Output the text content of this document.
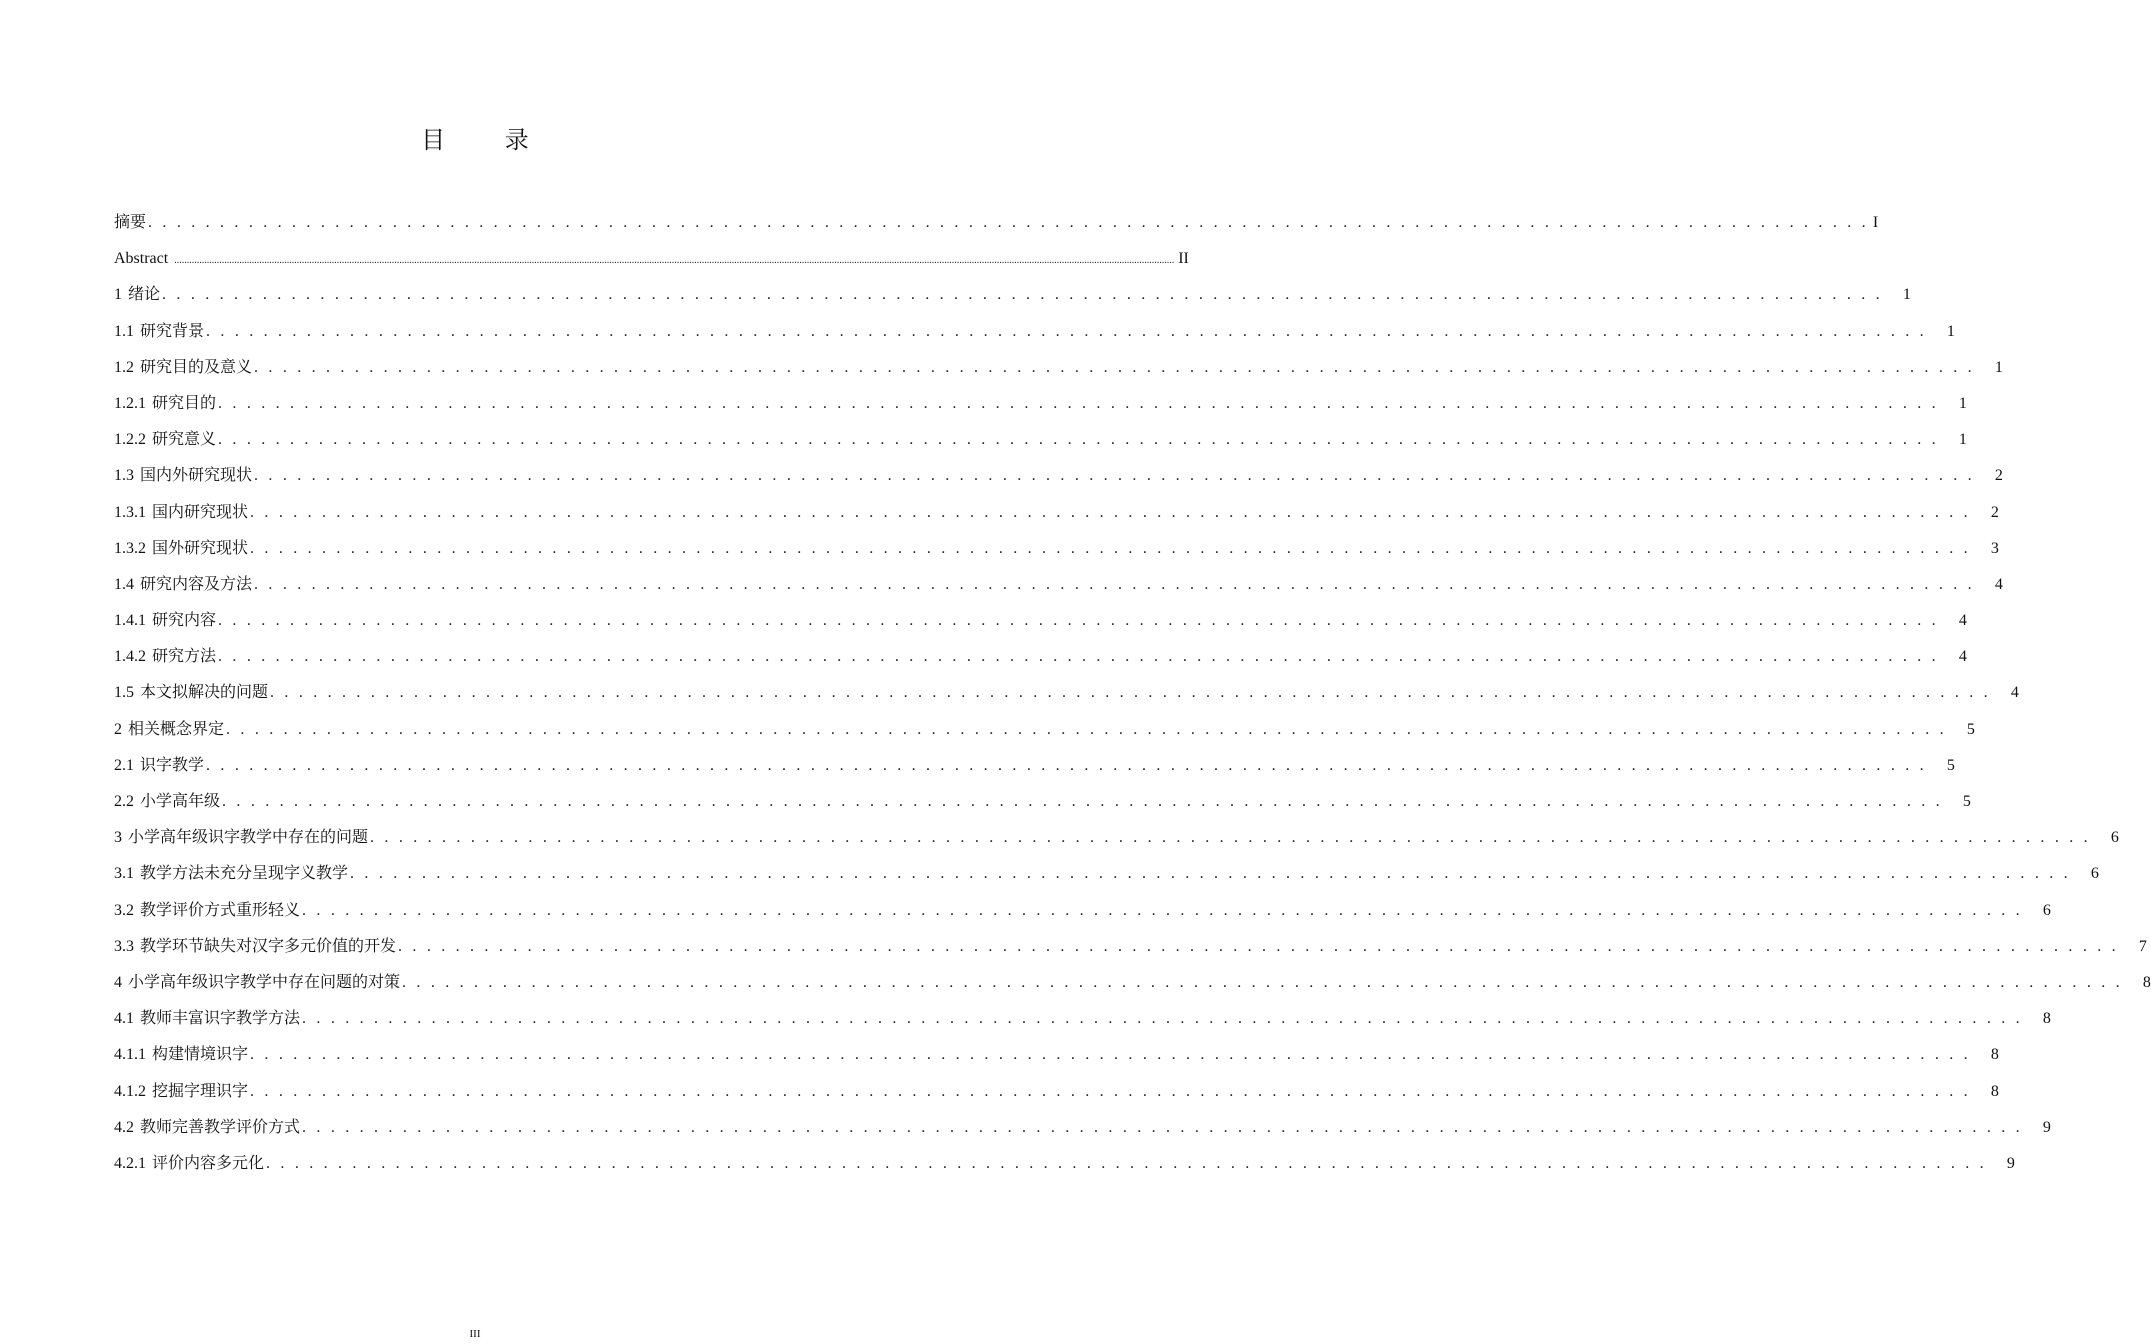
目 录
摘要 . . . . . . . . . . . . . . . . . . . . . . . . . . . . . . . . . . . . . . . . . . . . . . . . . . . . . . . . . . . . . . . . . . . . . . . . . . . . . . . . . . . . . . . . . . . . . . . . . . . . . . . . . . . . . . . . . . . . . . . . I
Abstract ................................................................................................................................................................................................................................................................................................................................................................................................................ II
1 绪论 . . . . . . . . . . . . . . . . . . . . . . . . . . . . . . . . . . . . . . . . . . . . . . . . . . . . . . . . . . . . . . . . . . . . . . . . . . . . . . . . . . . . . . . . . . . . . . . . . . . . . . . . . . . . . . . . . . . . . . . .	1
1.1 研究背景 . . . . . . . . . . . . . . . . . . . . . . . . . . . . . . . . . . . . . . . . . . . . . . . . . . . . . . . . . . . . . . . . . . . . . . . . . . . . . . . . . . . . . . . . . . . . . . . . . . . . . . . . . . . . . . . . . . . . . . . .	1
1.2 研究目的及意义 . . . . . . . . . . . . . . . . . . . . . . . . . . . . . . . . . . . . . . . . . . . . . . . . . . . . . . . . . . . . . . . . . . . . . . . . . . . . . . . . . . . . . . . . . . . . . . . . . . . . . . . . . . . . . . . . . . . . . . . .	1
1.2.1 研究目的 . . . . . . . . . . . . . . . . . . . . . . . . . . . . . . . . . . . . . . . . . . . . . . . . . . . . . . . . . . . . . . . . . . . . . . . . . . . . . . . . . . . . . . . . . . . . . . . . . . . . . . . . . . . . . . . . . . . . . . . .	1
1.2.2 研究意义 . . . . . . . . . . . . . . . . . . . . . . . . . . . . . . . . . . . . . . . . . . . . . . . . . . . . . . . . . . . . . . . . . . . . . . . . . . . . . . . . . . . . . . . . . . . . . . . . . . . . . . . . . . . . . . . . . . . . . . . .	1
1.3 国内外研究现状 . . . . . . . . . . . . . . . . . . . . . . . . . . . . . . . . . . . . . . . . . . . . . . . . . . . . . . . . . . . . . . . . . . . . . . . . . . . . . . . . . . . . . . . . . . . . . . . . . . . . . . . . . . . . . . . . . . . . . . . .	2
1.3.1 国内研究现状 . . . . . . . . . . . . . . . . . . . . . . . . . . . . . . . . . . . . . . . . . . . . . . . . . . . . . . . . . . . . . . . . . . . . . . . . . . . . . . . . . . . . . . . . . . . . . . . . . . . . . . . . . . . . . . . . . . . . . . . .	2
1.3.2 国外研究现状 . . . . . . . . . . . . . . . . . . . . . . . . . . . . . . . . . . . . . . . . . . . . . . . . . . . . . . . . . . . . . . . . . . . . . . . . . . . . . . . . . . . . . . . . . . . . . . . . . . . . . . . . . . . . . . . . . . . . . . . .	3
1.4 研究内容及方法 . . . . . . . . . . . . . . . . . . . . . . . . . . . . . . . . . . . . . . . . . . . . . . . . . . . . . . . . . . . . . . . . . . . . . . . . . . . . . . . . . . . . . . . . . . . . . . . . . . . . . . . . . . . . . . . . . . . . . . . .	4
1.4.1 研究内容 . . . . . . . . . . . . . . . . . . . . . . . . . . . . . . . . . . . . . . . . . . . . . . . . . . . . . . . . . . . . . . . . . . . . . . . . . . . . . . . . . . . . . . . . . . . . . . . . . . . . . . . . . . . . . . . . . . . . . . . .	4
1.4.2 研究方法 . . . . . . . . . . . . . . . . . . . . . . . . . . . . . . . . . . . . . . . . . . . . . . . . . . . . . . . . . . . . . . . . . . . . . . . . . . . . . . . . . . . . . . . . . . . . . . . . . . . . . . . . . . . . . . . . . . . . . . . .	4
1.5 本文拟解决的问题 . . . . . . . . . . . . . . . . . . . . . . . . . . . . . . . . . . . . . . . . . . . . . . . . . . . . . . . . . . . . . . . . . . . . . . . . . . . . . . . . . . . . . . . . . . . . . . . . . . . . . . . . . . . . . . . . . . . . . . . .	4
2 相关概念界定 . . . . . . . . . . . . . . . . . . . . . . . . . . . . . . . . . . . . . . . . . . . . . . . . . . . . . . . . . . . . . . . . . . . . . . . . . . . . . . . . . . . . . . . . . . . . . . . . . . . . . . . . . . . . . . . . . . . . . . . .	5
2.1 识字教学 . . . . . . . . . . . . . . . . . . . . . . . . . . . . . . . . . . . . . . . . . . . . . . . . . . . . . . . . . . . . . . . . . . . . . . . . . . . . . . . . . . . . . . . . . . . . . . . . . . . . . . . . . . . . . . . . . . . . . . . .	5
2.2 小学高年级 . . . . . . . . . . . . . . . . . . . . . . . . . . . . . . . . . . . . . . . . . . . . . . . . . . . . . . . . . . . . . . . . . . . . . . . . . . . . . . . . . . . . . . . . . . . . . . . . . . . . . . . . . . . . . . . . . . . . . . . .	5
3 小学高年级识字教学中存在的问题 . . . . . . . . . . . . . . . . . . . . . . . . . . . . . . . . . . . . . . . . . . . . . . . . . . . . . . . . . . . . . . . . . . . . . . . . . . . . . . . . . . . . . . . . . . . . . . . . . . . . . . . . . . . . . . . . . . . . . . . .	6
3.1 教学方法未充分呈现字义教学 . . . . . . . . . . . . . . . . . . . . . . . . . . . . . . . . . . . . . . . . . . . . . . . . . . . . . . . . . . . . . . . . . . . . . . . . . . . . . . . . . . . . . . . . . . . . . . . . . . . . . . . . . . . . . . . . . . . . . . . .	6
3.2 教学评价方式重形轻义 . . . . . . . . . . . . . . . . . . . . . . . . . . . . . . . . . . . . . . . . . . . . . . . . . . . . . . . . . . . . . . . . . . . . . . . . . . . . . . . . . . . . . . . . . . . . . . . . . . . . . . . . . . . . . . . . . . . . . . . .	6
3.3 教学环节缺失对汉字多元价值的开发 . . . . . . . . . . . . . . . . . . . . . . . . . . . . . . . . . . . . . . . . . . . . . . . . . . . . . . . . . . . . . . . . . . . . . . . . . . . . . . . . . . . . . . . . . . . . . . . . . . . . . . . . . . . . . . . . . . . . . . . .	7
4 小学高年级识字教学中存在问题的对策 . . . . . . . . . . . . . . . . . . . . . . . . . . . . . . . . . . . . . . . . . . . . . . . . . . . . . . . . . . . . . . . . . . . . . . . . . . . . . . . . . . . . . . . . . . . . . . . . . . . . . . . . . . . . . . . . . . . . . . . .	8
4.1 教师丰富识字教学方法 . . . . . . . . . . . . . . . . . . . . . . . . . . . . . . . . . . . . . . . . . . . . . . . . . . . . . . . . . . . . . . . . . . . . . . . . . . . . . . . . . . . . . . . . . . . . . . . . . . . . . . . . . . . . . . . . . . . . . . . .	8
4.1.1 构建情境识字 . . . . . . . . . . . . . . . . . . . . . . . . . . . . . . . . . . . . . . . . . . . . . . . . . . . . . . . . . . . . . . . . . . . . . . . . . . . . . . . . . . . . . . . . . . . . . . . . . . . . . . . . . . . . . . . . . . . . . . . .	8
4.1.2 挖掘字理识字 . . . . . . . . . . . . . . . . . . . . . . . . . . . . . . . . . . . . . . . . . . . . . . . . . . . . . . . . . . . . . . . . . . . . . . . . . . . . . . . . . . . . . . . . . . . . . . . . . . . . . . . . . . . . . . . . . . . . . . . .	8
4.2 教师完善教学评价方式 . . . . . . . . . . . . . . . . . . . . . . . . . . . . . . . . . . . . . . . . . . . . . . . . . . . . . . . . . . . . . . . . . . . . . . . . . . . . . . . . . . . . . . . . . . . . . . . . . . . . . . . . . . . . . . . . . . . . . . . .	9
4.2.1 评价内容多元化 . . . . . . . . . . . . . . . . . . . . . . . . . . . . . . . . . . . . . . . . . . . . . . . . . . . . . . . . . . . . . . . . . . . . . . . . . . . . . . . . . . . . . . . . . . . . . . . . . . . . . . . . . . . . . . . . . . . . . . . .	9
III
